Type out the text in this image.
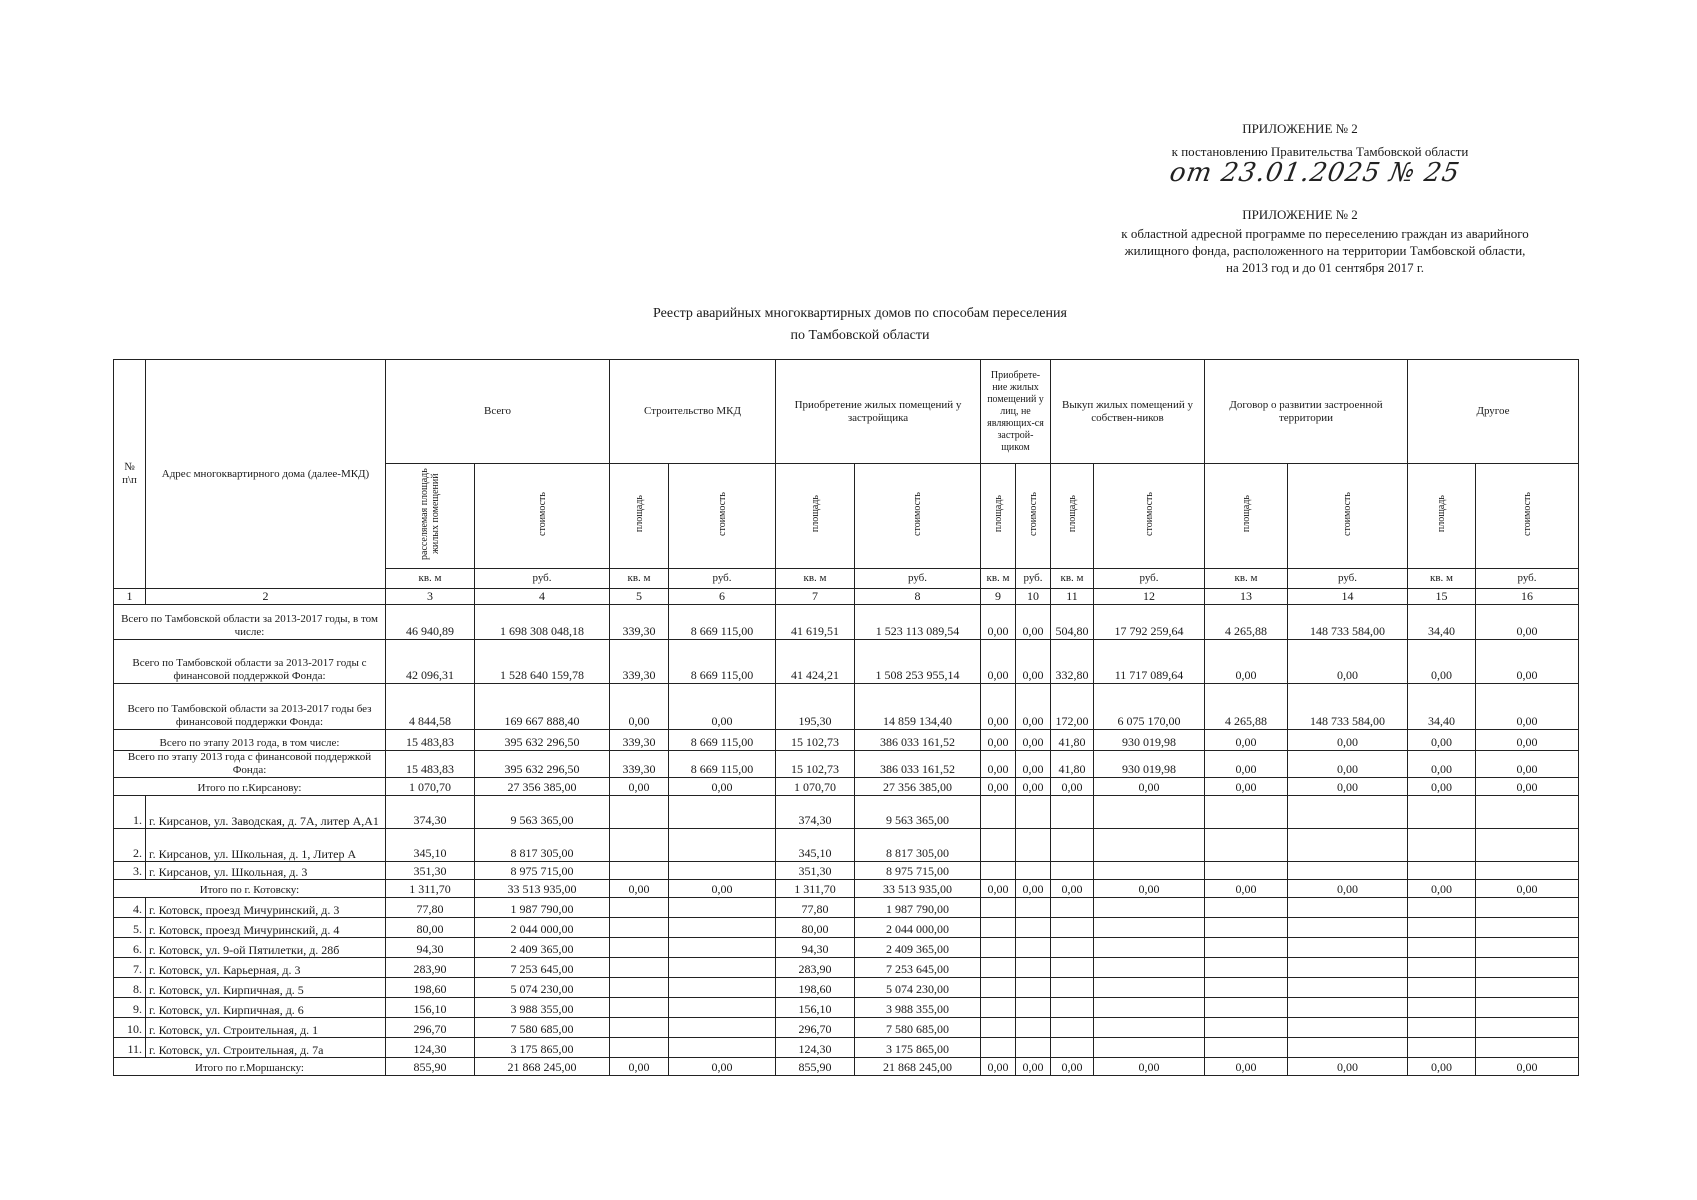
ПРИЛОЖЕНИЕ № 2
к постановлению Правительства Тамбовской области
от 23.01.2025 № 25
ПРИЛОЖЕНИЕ № 2
к областной адресной программе по переселению граждан из аварийного
жилищного фонда, расположенного на территории Тамбовской области,
на 2013 год и до 01 сентября 2017 г.
Реестр аварийных многоквартирных домов по способам переселения
по Тамбовской области
№ п\п	Адрес многоквартирного дома (далее-МКД)	Всего		Строительство МКД		Приобретение жилых помещений у застройщика		Приобрете-ние жилых помещений у лиц, не являющих-ся застрой-щиком		Выкуп жилых помещений у собствен-ников		Договор о развитии застроенной территории		Другое	
		расселяемая площадь жилых помещений	стоимость	площадь	стоимость	площадь	стоимость	площадь	стоимость	площадь	стоимость	площадь	стоимость	площадь	стоимость
		кв. м	руб.	кв. м	руб.	кв. м	руб.	кв. м	руб.	кв. м	руб.	кв. м	руб.	кв. м	руб.
1	2	3	4	5	6	7	8	9	10	11	12	13	14	15	16
Всего по Тамбовской области за 2013-2017 годы, в том числе:		46 940,89	1 698 308 048,18	339,30	8 669 115,00	41 619,51	1 523 113 089,54	0,00	0,00	504,80	17 792 259,64	4 265,88	148 733 584,00	34,40	0,00
Всего по Тамбовской области за 2013-2017 годы с финансовой поддержкой Фонда:		42 096,31	1 528 640 159,78	339,30	8 669 115,00	41 424,21	1 508 253 955,14	0,00	0,00	332,80	11 717 089,64	0,00	0,00	0,00	0,00
Всего по Тамбовской области за 2013-2017 годы без финансовой поддержки Фонда:		4 844,58	169 667 888,40	0,00	0,00	195,30	14 859 134,40	0,00	0,00	172,00	6 075 170,00	4 265,88	148 733 584,00	34,40	0,00
Всего по этапу 2013 года, в том числе:		15 483,83	395 632 296,50	339,30	8 669 115,00	15 102,73	386 033 161,52	0,00	0,00	41,80	930 019,98	0,00	0,00	0,00	0,00
Всего по этапу 2013 года с финансовой поддержкой Фонда:		15 483,83	395 632 296,50	339,30	8 669 115,00	15 102,73	386 033 161,52	0,00	0,00	41,80	930 019,98	0,00	0,00	0,00	0,00
Итого по г.Кирсанову:		1 070,70	27 356 385,00	0,00	0,00	1 070,70	27 356 385,00	0,00	0,00	0,00	0,00	0,00	0,00	0,00	0,00
1.	г. Кирсанов, ул. Заводская, д. 7А, литер А,А1	374,30	9 563 365,00			374,30	9 563 365,00								
2.	г. Кирсанов, ул. Школьная, д. 1, Литер А	345,10	8 817 305,00			345,10	8 817 305,00								
3.	г. Кирсанов, ул. Школьная, д. 3	351,30	8 975 715,00			351,30	8 975 715,00								
Итого по г. Котовску:		1 311,70	33 513 935,00	0,00	0,00	1 311,70	33 513 935,00	0,00	0,00	0,00	0,00	0,00	0,00	0,00	0,00
4.	г. Котовск, проезд Мичуринский, д. 3	77,80	1 987 790,00			77,80	1 987 790,00								
5.	г. Котовск, проезд Мичуринский, д. 4	80,00	2 044 000,00			80,00	2 044 000,00								
6.	г. Котовск, ул. 9-ой Пятилетки, д. 28б	94,30	2 409 365,00			94,30	2 409 365,00								
7.	г. Котовск, ул. Карьерная, д. 3	283,90	7 253 645,00			283,90	7 253 645,00								
8.	г. Котовск, ул. Кирпичная, д. 5	198,60	5 074 230,00			198,60	5 074 230,00								
9.	г. Котовск, ул. Кирпичная, д. 6	156,10	3 988 355,00			156,10	3 988 355,00								
10.	г. Котовск, ул. Строительная, д. 1	296,70	7 580 685,00			296,70	7 580 685,00								
11.	г. Котовск, ул. Строительная, д. 7а	124,30	3 175 865,00			124,30	3 175 865,00								
Итого по г.Моршанску:		855,90	21 868 245,00	0,00	0,00	855,90	21 868 245,00	0,00	0,00	0,00	0,00	0,00	0,00	0,00	0,00
